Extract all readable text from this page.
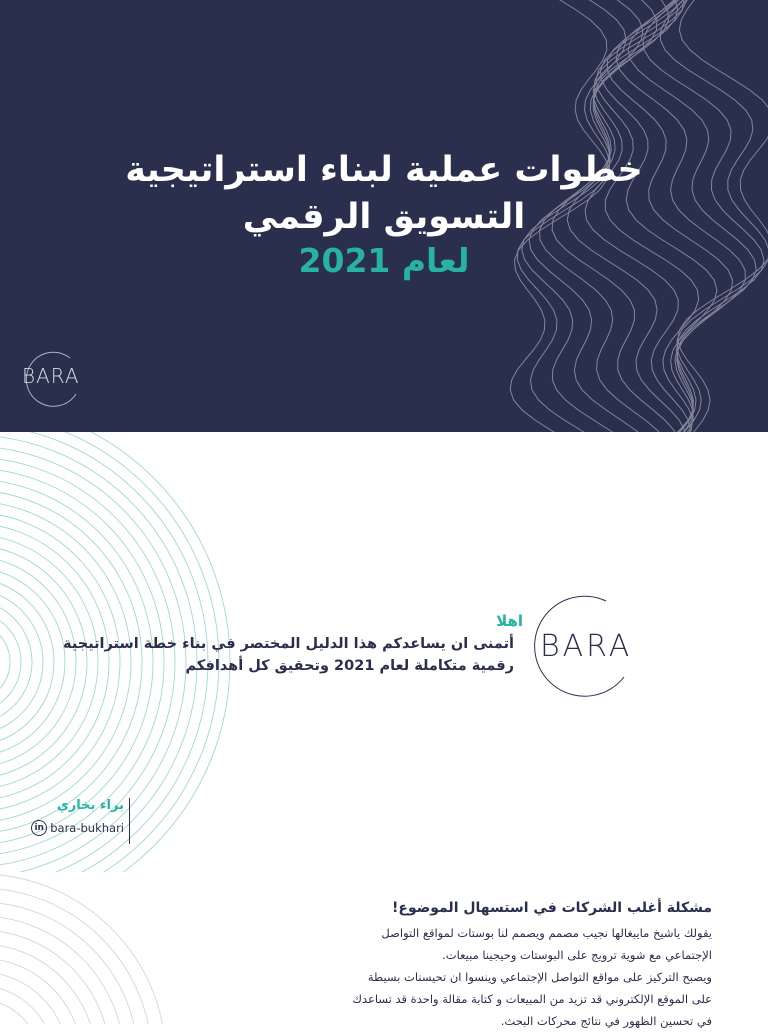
خطوات عملية لبناء استراتيجية
التسويق الرقمي
لعام 2021
BARA
BARA
اهلا
أتمنى ان يساعدكم هذا الدليل المختصر في بناء خطة استراتيجية
رقمية متكاملة لعام 2021 وتحقيق كل أهدافكم
براء بخاري
in bara-bukhari
مشكلة أغلب الشركات في استسهال الموضوع!

يقولك ياشيخ مايبغالها نجيب مصمم ويصمم لنا بوستات لمواقع التواصل

الإجتماعي مع شوية ترويج على البوستات وحيجينا مبيعات.

ويصبح التركيز على مواقع التواصل الإجتماعي وينسوا ان تحيسنات بسيطة

على الموقع الإلكتروني قد تزيد من المبيعات و كتابة مقالة واحدة قد تساعدك

في تحسين الظهور في نتائج محركات البحث.
